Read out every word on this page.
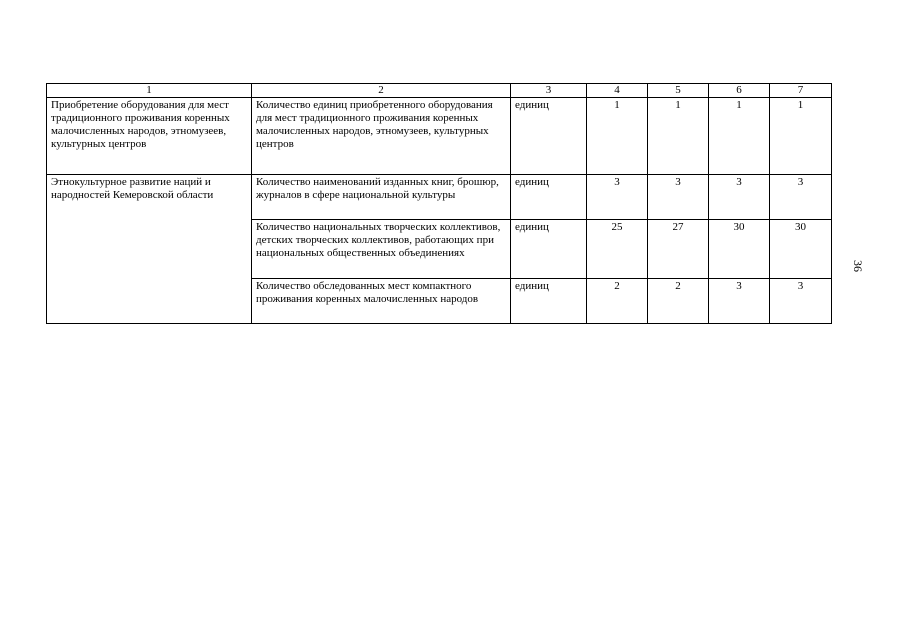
1	2	3	4	5	6	7
Приобретение оборудования для мест традиционного проживания коренных малочисленных народов, этномузеев, культурных центров	Количество единиц приобретенного оборудования для мест традиционного проживания коренных малочисленных народов, этномузеев, культурных центров	единиц	1	1	1	1
Этнокультурное развитие наций и народностей Кемеровской области	Количество наименований изданных книг, брошюр, журналов в сфере национальной культуры	единиц	3	3	3	3
	Количество национальных творческих коллективов, детских творческих коллективов, работающих при национальных общественных объединениях	единиц	25	27	30	30
	Количество обследованных мест компактного проживания коренных малочисленных народов	единиц	2	2	3	3
36
